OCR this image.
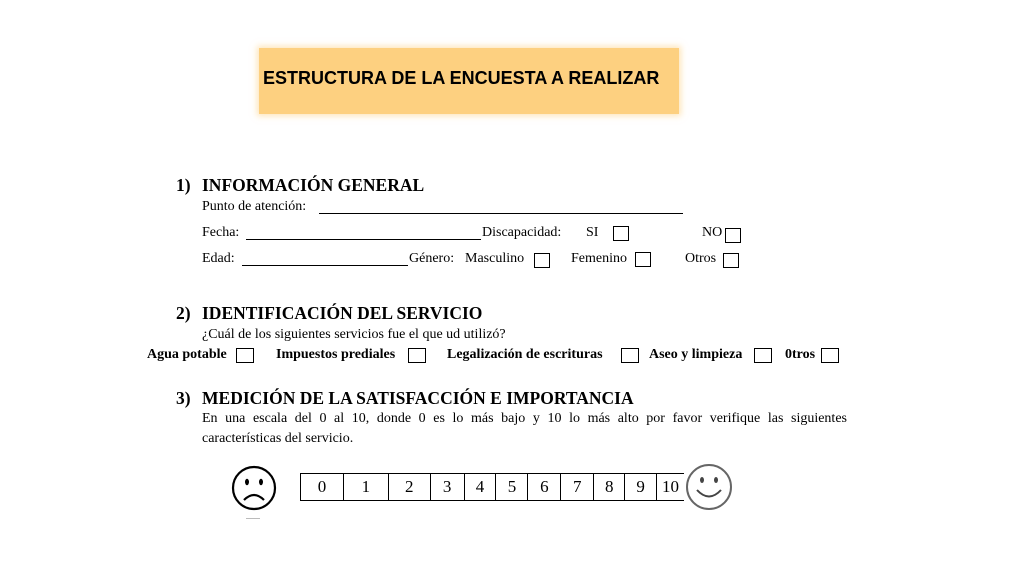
ESTRUCTURA DE LA ENCUESTA A REALIZAR
1) INFORMACIÓN GENERAL
Punto de atención:
Fecha:	Discapacidad: SI	NO
Edad:	Género: Masculino	Femenino	Otros
2) IDENTIFICACIÓN DEL SERVICIO
¿Cuál de los siguientes servicios fue el que ud utilizó?
Agua potable	Impuestos prediales	Legalización de escrituras	Aseo y limpieza	0tros
3) MEDICIÓN DE LA SATISFACCIÓN E IMPORTANCIA
En una escala del 0 al 10, donde 0 es lo más bajo y 10 lo más alto por favor verifique las siguientes
características del servicio.
0	1	2	3	4	5	6	7	8	9	10
